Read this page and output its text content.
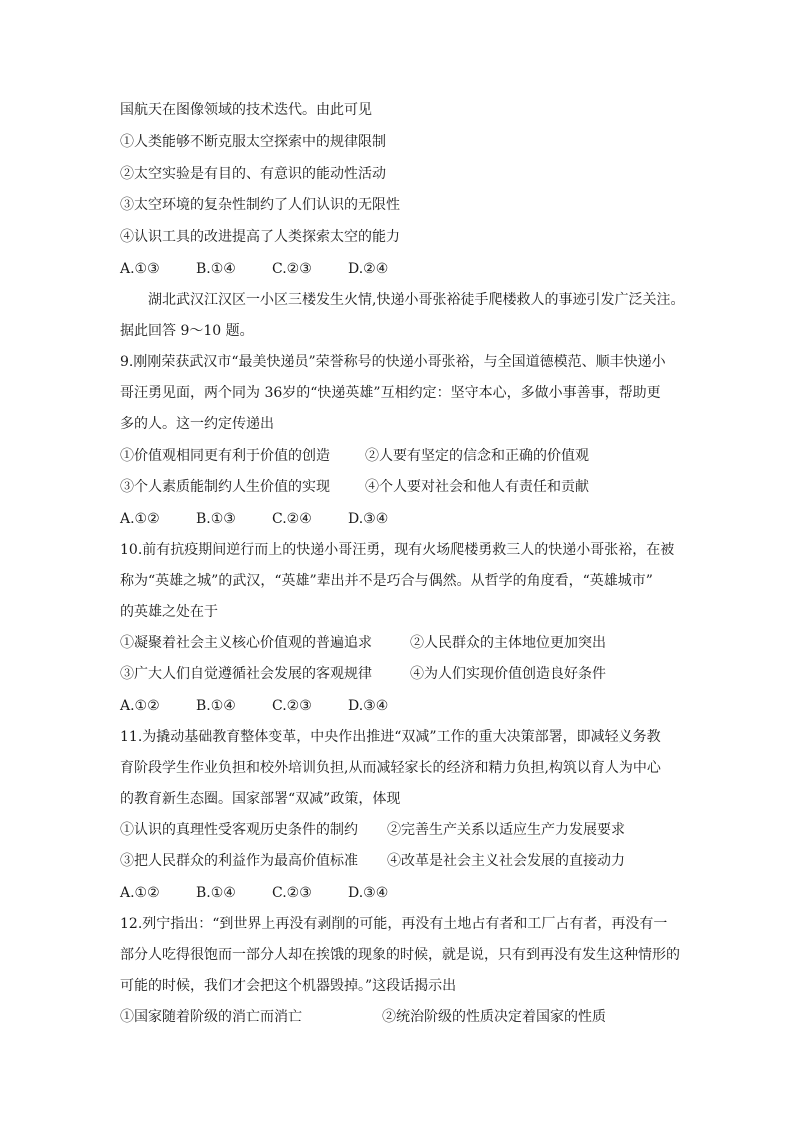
国航天在图像领域的技术迭代。由此可见
①人类能够不断克服太空探索中的规律限制
②太空实验是有目的、有意识的能动性活动
③太空环境的复杂性制约了人们认识的无限性
④认识工具的改进提高了人类探索太空的能力
A.①③	B.①④	C.②③	D.②④
湖北武汉江汉区一小区三楼发生火情,快递小哥张裕徒手爬楼救人的事迹引发广泛关注。
据此回答 9～10 题。
9.刚刚荣获武汉市“最美快递员”荣誉称号的快递小哥张裕，与全国道德模范、顺丰快递小
哥汪勇见面，两个同为 36岁的“快递英雄”互相约定：坚守本心，多做小事善事，帮助更
多的人。这一约定传递出
①价值观相同更有利于价值的创造	②人要有坚定的信念和正确的价值观
③个人素质能制约人生价值的实现	④个人要对社会和他人有责任和贡献
A.①②	B.①③	C.②④	D.③④
10.前有抗疫期间逆行而上的快递小哥汪勇，现有火场爬楼勇救三人的快递小哥张裕，在被
称为“英雄之城”的武汉，“英雄”辈出并不是巧合与偶然。从哲学的角度看，“英雄城市”
的英雄之处在于
①凝聚着社会主义核心价值观的普遍追求	②人民群众的主体地位更加突出
③广大人们自觉遵循社会发展的客观规律	④为人们实现价值创造良好条件
A.①②	B.①④	C.②③	D.③④
11.为撬动基础教育整体变革，中央作出推进“双减”工作的重大决策部署，即减轻义务教
育阶段学生作业负担和校外培训负担,从而减轻家长的经济和精力负担,构筑以育人为中心
的教育新生态圈。国家部署“双减”政策，体现
①认识的真理性受客观历史条件的制约 ②完善生产关系以适应生产力发展要求
③把人民群众的利益作为最高价值标准 ④改革是社会主义社会发展的直接动力
A.①②	B.①④	C.②③	D.③④
12.列宁指出：“到世界上再没有剥削的可能，再没有土地占有者和工厂占有者，再没有一
部分人吃得很饱而一部分人却在挨饿的现象的时候，就是说，只有到再没有发生这种情形的
可能的时候，我们才会把这个机器毁掉。”这段话揭示出
①国家随着阶级的消亡而消亡	②统治阶级的性质决定着国家的性质
